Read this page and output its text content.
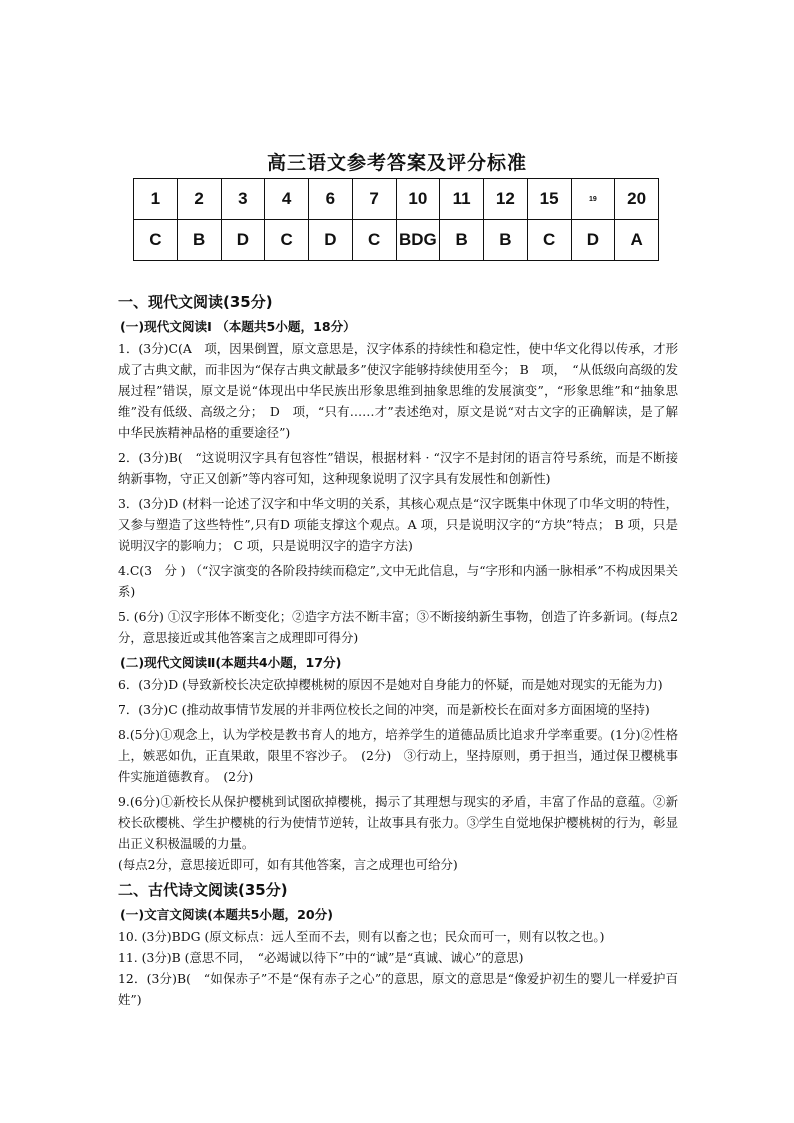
高三语文参考答案及评分标准
1	2	3	4	6	7	10	11	12	15	19	20
C	B	D	C	D	C	BDG	B	B	C	D	A
一、现代文阅读(35分)
(一)现代文阅读Ⅰ （本题共5小题，18分）

1．(3分)C(A　项，因果倒置，原文意思是，汉字体系的持续性和稳定性，使中华文化得以传承，才形成了古典文献，而非因为“保存古典文献最多”使汉字能够持续使用至今； B　项，　“从低级向高级的发展过程”错误，原文是说“体现出中华民族出形象思维到抽象思维的发展演变”，“形象思维”和“抽象思维”没有低级、高级之分；　D　项，“只有……才”表述绝对，原文是说“对古文字的正确解读，是了解中华民族精神品格的重要途径”)

2．(3分)B(　“这说明汉字具有包容性”错误，根据材料 · “汉字不是封闭的语言符号系统，而是不断接纳新事物，守正又创新”等内容可知，这种现象说明了汉字具有发展性和创新性)

3．(3分)D (材料一论述了汉字和中华文明的关系，其核心观点是“汉字既集中休现了巾华文明的特性，又参与塑造了这些特性”,只有D 项能支撑这个观点。A 项，只是说明汉字的“方块”特点； B 项，只是说明汉字的影响力； C 项，只是说明汉字的造字方法)

4.C(3　分 ) （“汉字演变的各阶段持续而稳定”,文中无此信息，与“字形和内涵一脉相承”不构成因果关系)

5. (6分) ①汉字形体不断变化；②造字方法不断丰富；③不断接纳新生事物，创造了许多新词。(每点2分，意思接近或其他答案言之成理即可得分)

(二)现代文阅读Ⅱ(本题共4小题，17分)

6．(3分)D (导致新校长决定砍掉樱桃树的原因不是她对自身能力的怀疑，而是她对现实的无能为力)

7．(3分)C (推动故事情节发展的并非两位校长之间的冲突，而是新校长在面对多方面困境的坚持)

8.(5分)①观念上，认为学校是教书育人的地方，培养学生的道德品质比追求升学率重要。(1分)②性格上，嫉恶如仇，正直果敢，限里不容沙子。　(2分)　③行动上，坚持原则，勇于担当，通过保卫樱桃事件实施道德教育。　(2分)

9.(6分)①新校长从保护樱桃到试图砍掉樱桃，揭示了其理想与现实的矛盾，丰富了作品的意蕴。②新校长砍樱桃、学生护樱桃的行为使情节逆转，让故事具有张力。③学生自觉地保护樱桃树的行为，彰显出正义积极温暖的力量。

(每点2分，意思接近即可，如有其他答案，言之成理也可给分)

二、古代诗文阅读(35分)
(一)文言文阅读(本题共5小题，20分)

10. (3分)BDG (原文标点：远人至而不去，则有以畜之也；民众而可一，则有以牧之也。)

11. (3分)B (意思不同，　“必竭诚以待下”中的“诚”是“真诚、诚心”的意思)

12．(3分)B(　“如保赤子”不是“保有赤子之心”的意思，原文的意思是“像爱护初生的婴儿一样爱护百姓”)
